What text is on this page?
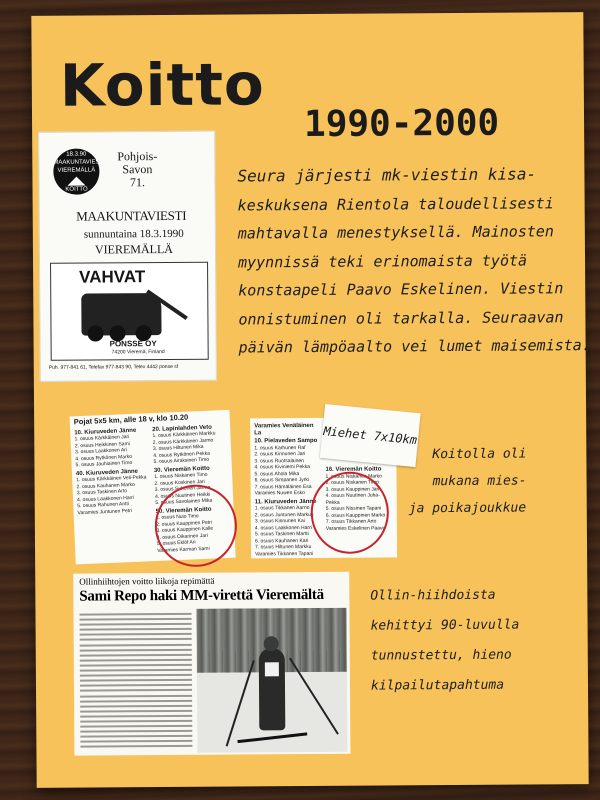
Koitto
1990-2000
18.3.90
MAAKUNTAVIESTI
VIEREMÄLLÄ
KOITTO
Pohjois-
Savon
71.
MAAKUNTAVIESTI
sunnuntaina 18.3.1990
VIEREMÄLLÄ
VAHVAT
PONSSE OY
74200 Vieremä, Finland
Puh. 977-841 61, Telefax 977-843 90, Telex 4442 ponse sf
Seura järjesti mk-viestin kisa-
keskuksena Rientola taloudellisesti
mahtavalla menestyksellä. Mainosten
myynnissä teki erinomaista työtä
konstaapeli Paavo Eskelinen. Viestin
onnistuminen oli tarkalla. Seuraavan
päivän lämpöaalto vei lumet maisemista.
Pojat 5x5 km, alle 18 v, klo 10.20
10. Kiuruveden Jänne
1. osuus Kärkkäinen Jari
2. osuus Heikkinen Sami
3. osuus Laakkonen Ari
4. osuus Rytkönen Marko
5. osuus Jauhiainen Timo
40. Kiuruveden Jänne
1. osuus Kärkkäinen Veli-Pekka
2. osuus Kauhanen Marko
3. osuus Taskinen Arto
4. osuus Laakkonen Harri
5. osuus Rahunen Antti
Varamies Juntunen Petri
20. Lapinlahden Veto
1. osuus Kärkkäinen Markku
2. osuus Kärkkäinen Jarmo
3. osuus Hiltunen Mika
4. osuus Rytkönen Pekka
5. osuus Airaksinen Timo
30. Vieremän Koitto
1. osuus Niskanen Timo
2. osuus Koskinen Jari
3. osuus Suhonen Jarmo
4. osuus Nuutinen Heikki
5. osuus Savolainen Mika
50. Vieremän Koitto
1. osuus Nuio Timo
2. osuus Kauppinen Petri
3. osuus Kauppinen Kalle
4. osuus Oikarinen Jari
5. osuus Eklöf Ari
Varamies Karman Sami
Varamies Venäläinen La
10. Pielaveden Sampo
1. osuus Karhunen Raf
2. osuus Kinnunen Jari
3. osuus Ruotsalainen
4. osuus Kiviniemi Pekka
5. osuus Ahola Mika
6. osuus Simpanen Jyrki
7. osuus Hämäläinen Esa
Varamies Nuwen Esko
11. Kiuruveden Jänne
1. osuus Tikkanen Aarno
2. osuus Juntunen Markus
3. osuus Kinnunen Kai
4. osuus Laakkonen Harri
5. osuus Taskinen Martti
6. osuus Kauhanen Kari
7. osuus Hiltunen Markku
Varamies Tikkanen Tapani
16. Vieremän Koitto
1. osuus Niskanen Marko
2. osuus Niskanen Timo
3. osuus Kauppinen Jari
4. osuus Nuutinen Juha-Pekka
5. osuus Nissinen Tapani
6. osuus Kauppinen Marko
7. osuus Tikkanen Arto
Varamies Eskelinen Paavo
Miehet 7x10km
Koitolla oli
mukana mies-
ja poikajoukkue
Ollinhiihtojen voitto liikoja repimättä
Sami Repo haki MM-virettä Vieremältä	Ollin-hiihdoista
kehittyi 90-luvulla
tunnustettu, hieno
kilpailutapahtuma
